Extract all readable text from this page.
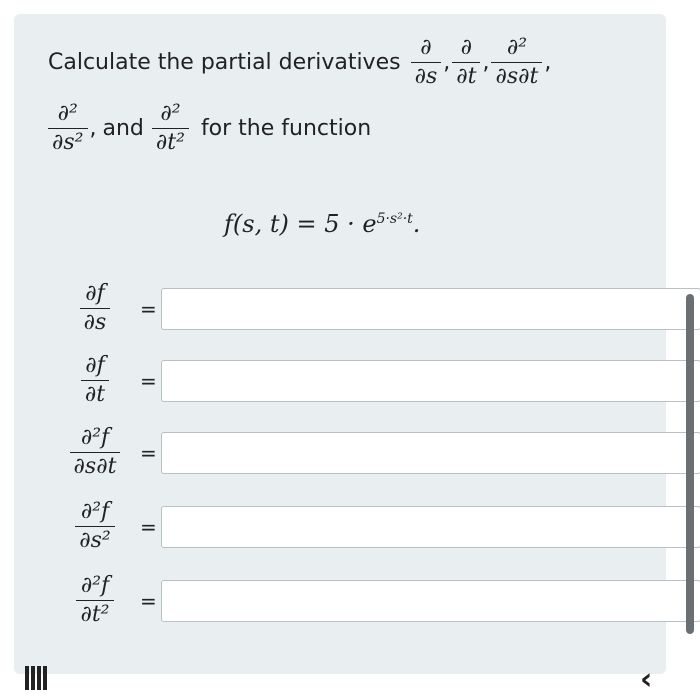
Calculate the partial derivatives $\frac{\partial}{\partial s}$ , $\frac{\partial}{\partial t}$ , $\frac{\text{∂²}}{\partial s\partial t}$ ,
$\frac{\text{∂²}}{\text{∂s²}}$ , and $\frac{\text{∂²}}{\text{∂t²}}$ for the function
f(s, $t) = 5 \cdot e^{5\cdot s^2\cdot t}$.
$\frac{\partial f}{\partial s}$ =
$\frac{\partial f}{\partial t}$ =
$\frac{\text{∂²f}}{\partial s\partial t}$ =
$\frac{\text{∂²f}}{\text{∂s²}}$ =
$\frac{\text{∂²f}}{\text{∂t²}}$ =
‹
